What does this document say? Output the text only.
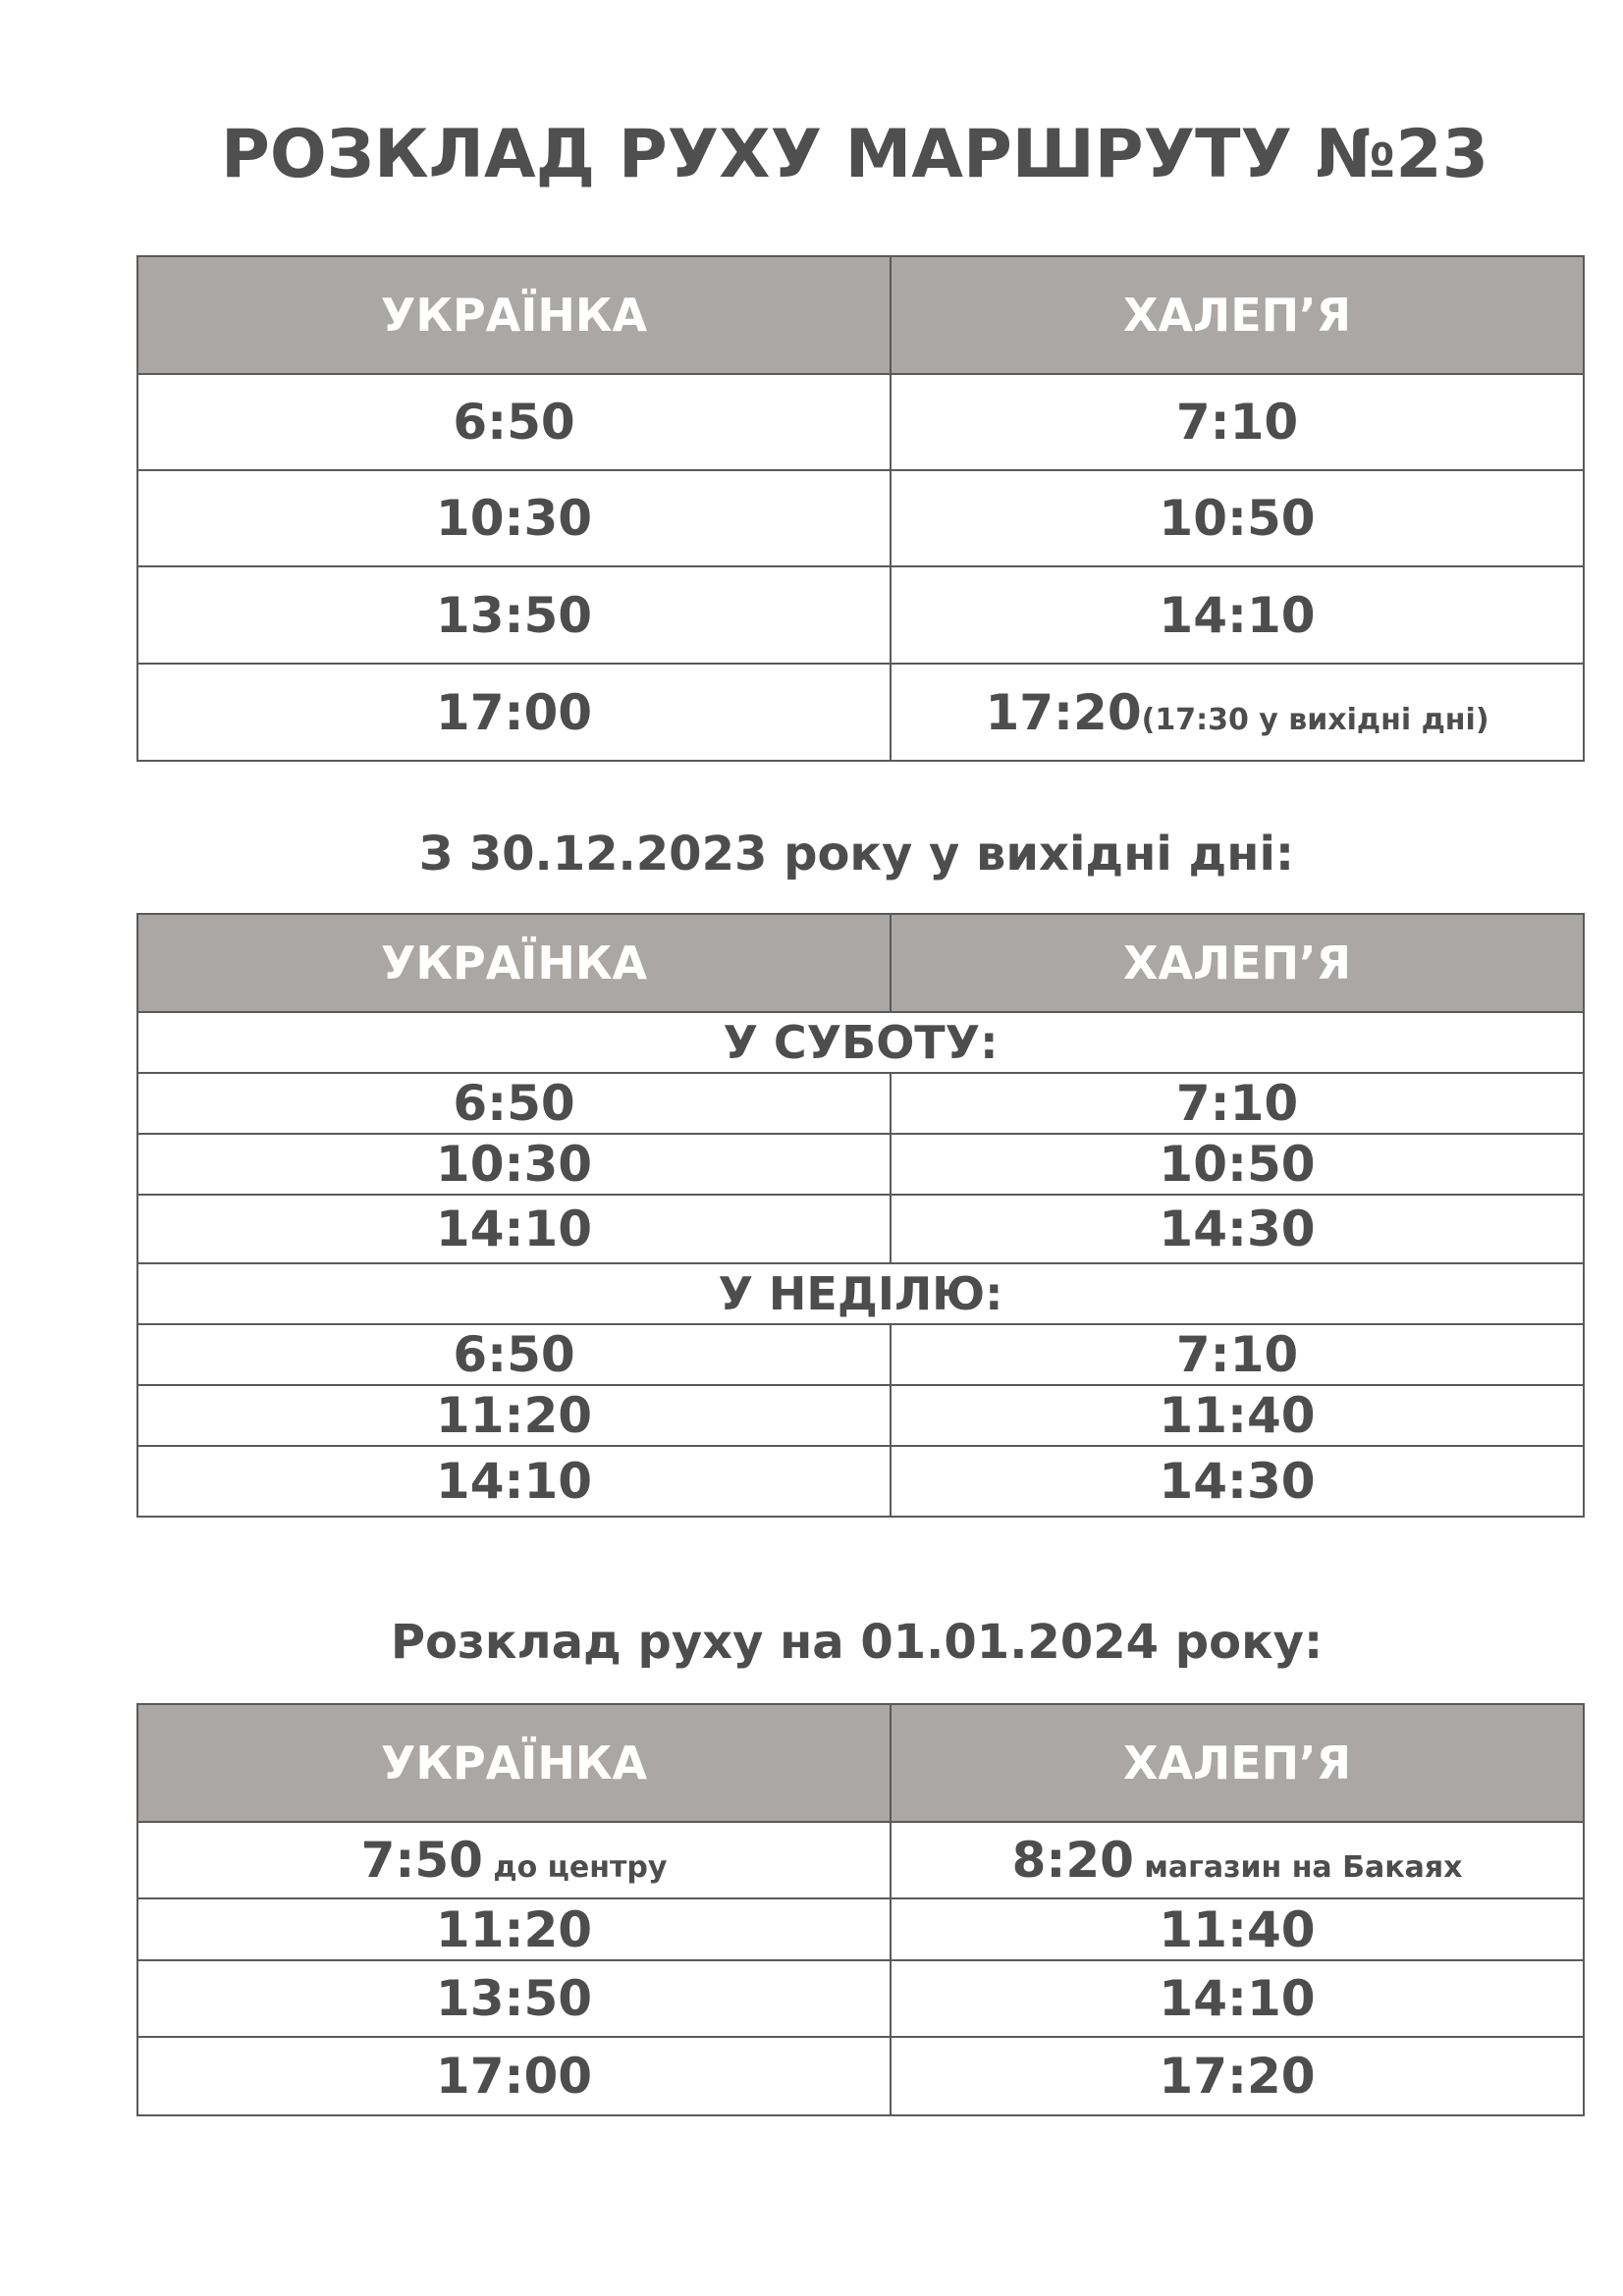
РОЗКЛАД РУХУ МАРШРУТУ №23
УКРАЇНКА	ХАЛЕП’Я
6:50	7:10
10:30	10:50
13:50	14:10
17:00	17:20(17:30 у вихідні дні)
З 30.12.2023 року у вихідні дні:
УКРАЇНКА	ХАЛЕП’Я
У СУБОТУ:	
6:50	7:10
10:30	10:50
14:10	14:30
У НЕДІЛЮ:	
6:50	7:10
11:20	11:40
14:10	14:30
Розклад руху на 01.01.2024 року:
УКРАЇНКА	ХАЛЕП’Я
7:50 до центру	8:20 магазин на Бакаях
11:20	11:40
13:50	14:10
17:00	17:20
